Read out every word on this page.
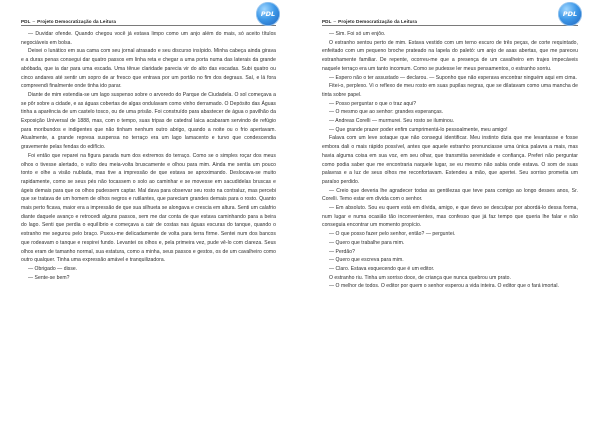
PDL – Projeto Democratização da Leitura
PDL

— Duvidar ofende. Quando chegou você já estava limpo como um anjo além do mais, só aceito títulos negociáveis em bolsa.

Deixei o lunático em sua cama com seu jornal atrasado e seu discurso insípido. Minha cabeça ainda girava e a duras penas consegui dar quatro passos em linha reta e chegar a uma porta numa das laterais da grande abóbada, que ia dar para uma escada. Uma tênue claridade parecia vir do alto das escadas. Subi quatro ou cinco andares até sentir um sopro de ar fresco que entrava por um portão no fim dos degraus. Saí, e lá fora compreendi finalmente onde tinha ido parar.

Diante de mim estendia-se um lago suspenso sobre o arvoredo do Parque de Ciudadela. O sol começava a se pôr sobre a cidade, e as águas cobertas de algas ondulavam como vinho derramado. O Depósito das Águas tinha a aparência de um castelo tosco, ou de uma prisão. Foi construído para abastecer de água o pavilhão da Exposição Universal de 1888, mas, com o tempo, suas tripas de catedral laica acabaram servindo de refúgio para moribundos e indigentes que não tinham nenhum outro abrigo, quando a noite ou o frio apertavam. Atualmente, a grande represa suspensa no terraço era um lago lamacento e turvo que condescendia gravemente pelas fendas do edifício.

Foi então que reparei na figura parada num dos extremos do terraço. Como se o simples roçar dos meus olhos o tivesse alertado, o vulto deu meia-volta bruscamente e olhou para mim. Ainda me sentia um pouco tonto e olhe a visão nublada, mas tive a impressão de que estava se aproximando. Deslocava-se muito rapidamente, como se seus pés não tocassem o solo ao caminhar e se movesse em sacudidelas bruscas e ágeis demais para que os olhos pudessem captar. Mal dava para observar seu rosto na contraluz, mas percebi que se tratava de um homem de olhos negros e rutilantes, que pareciam grandes demais para o rosto. Quanto mais perto ficava, maior era a impressão de que sua silhueta se alongava e crescia em altura. Senti um calafrio diante daquele avanço e retrocedi alguns passos, sem me dar conta de que estava caminhando para a beira do lago. Senti que perdia o equilíbrio e começava a cair de costas nas águas escuras do tanque, quando o estranho me segurou pelo braço. Puxou-me delicadamente de volta para terra firme. Sentei num dos bancos que rodeavam o tanque e respirei fundo. Levantei os olhos e, pela primeira vez, pude vê-lo com clareza. Seus olhos eram de tamanho normal, sua estatura, como a minha, seus passos e gestos, os de um cavalheiro como outro qualquer. Tinha uma expressão amável e tranquilizadora.

— Obrigado — disse.

— Sente-se bem?

PDL – Projeto Democratização da Leitura
PDL

— Sim. Foi só um enjôo.

O estranho sentou perto de mim. Estava vestido com um terno escuro de três peças, de corte requintado, enfeitado com um pequeno broche prateado na lapela do paletó: um anjo de asas abertas, que me pareceu estranhamente familiar. De repente, ocorreu-me que a presença de um cavalheiro em trajes impecáveis naquele terraço era um tanto incomum. Como se pudesse ler meus pensamentos, o estranho sorriu.

— Espero não o ter assustado — declarou. — Suponho que não esperava encontrar ninguém aqui em cima.

Fitei-o, perplexo. Vi o reflexo de meu rosto em suas pupilas negras, que se dilatavam como uma mancha de tinta sobre papel.

— Posso perguntar o que o traz aqui?

— O mesmo que ao senhor: grandes esperanças.

— Andreas Corelli — murmurei. Seu rosto se iluminou.

— Que grande prazer poder enfim cumprimentá-lo pessoalmente, meu amigo!

Falava com um leve sotaque que não consegui identificar. Meu instinto dizia que me levantasse e fosse embora dali o mais rápido possível, antes que aquele estranho pronunciasse uma única palavra a mais, mas havia alguma coisa em sua voz, em seu olhar, que transmitia serenidade e confiança. Preferi não perguntar como podia saber que me encontraria naquele lugar, se eu mesmo não sabia onde estava. O som de suas palavras e a luz de seus olhos me reconfortavam. Estendeu a mão, que apertei. Seu sorriso prometia um paraíso perdido.

— Creio que deveria lhe agradecer todas as gentilezas que teve para comigo ao longo desses anos, Sr. Corelli. Temo estar em dívida com o senhor.

— Em absoluto. Sou eu quem está em dívida, amigo, e que devo se desculpar por abordá-lo dessa forma, num lugar e numa ocasião tão inconvenientes, mas confesso que já faz tempo que queria lhe falar e não conseguia encontrar um momento propício.

— O que posso fazer pelo senhor, então? — perguntei.

— Quero que trabalhe para mim.

— Perdão?

— Quero que escreva para mim.

— Claro. Estava esquecendo que é um editor.

O estranho riu. Tinha um sorriso doce, de criança que nunca quebrou um prato.

— O melhor de todos. O editor por quem o senhor esperou a vida inteira. O editor que o fará imortal.
